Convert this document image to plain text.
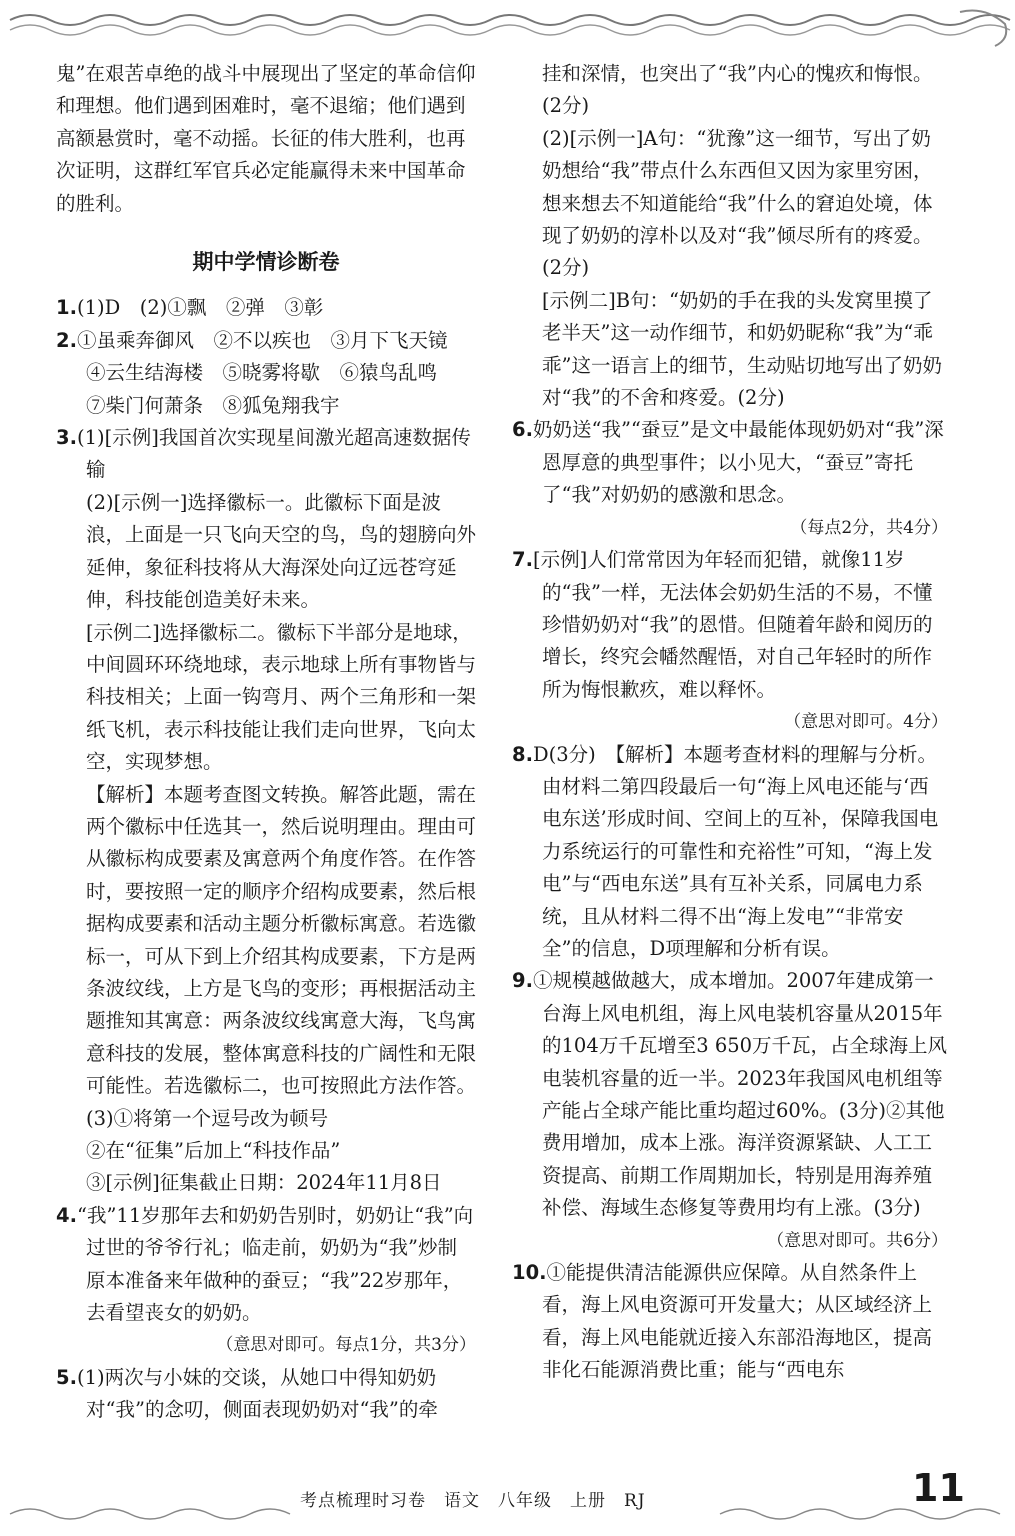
鬼”在艰苦卓绝的战斗中展现出了坚定的革命信仰和理想。他们遇到困难时，毫不退缩；他们遇到高额悬赏时，毫不动摇。长征的伟大胜利，也再次证明，这群红军官兵必定能赢得未来中国革命的胜利。

期中学情诊断卷

1.(1)D　(2)①飘　②弹　③彰

2.①虽乘奔御风　②不以疾也　③月下飞天镜

④云生结海楼　⑤晓雾将歇　⑥猿鸟乱鸣

⑦柴门何萧条　⑧狐兔翔我宇

3.(1)[示例]我国首次实现星间激光超高速数据传输

(2)[示例一]选择徽标一。此徽标下面是波浪，上面是一只飞向天空的鸟，鸟的翅膀向外延伸，象征科技将从大海深处向辽远苍穹延伸，科技能创造美好未来。

[示例二]选择徽标二。徽标下半部分是地球，中间圆环环绕地球，表示地球上所有事物皆与科技相关；上面一钩弯月、两个三角形和一架纸飞机，表示科技能让我们走向世界，飞向太空，实现梦想。

【解析】本题考查图文转换。解答此题，需在两个徽标中任选其一，然后说明理由。理由可从徽标构成要素及寓意两个角度作答。在作答时，要按照一定的顺序介绍构成要素，然后根据构成要素和活动主题分析徽标寓意。若选徽标一，可从下到上介绍其构成要素，下方是两条波纹线，上方是飞鸟的变形；再根据活动主题推知其寓意：两条波纹线寓意大海，飞鸟寓意科技的发展，整体寓意科技的广阔性和无限可能性。若选徽标二，也可按照此方法作答。

(3)①将第一个逗号改为顿号

②在“征集”后加上“科技作品”

③[示例]征集截止日期：2024年11月8日

4.“我”11岁那年去和奶奶告别时，奶奶让“我”向过世的爷爷行礼；临走前，奶奶为“我”炒制原本准备来年做种的蚕豆；“我”22岁那年，去看望丧女的奶奶。

（意思对即可。每点1分，共3分）

5.(1)两次与小妹的交谈，从她口中得知奶奶对“我”的念叨，侧面表现奶奶对“我”的牵

挂和深情，也突出了“我”内心的愧疚和悔恨。(2分)

(2)[示例一]A句：“犹豫”这一细节，写出了奶奶想给“我”带点什么东西但又因为家里穷困，想来想去不知道能给“我”什么的窘迫处境，体现了奶奶的淳朴以及对“我”倾尽所有的疼爱。(2分)

[示例二]B句：“奶奶的手在我的头发窝里摸了老半天”这一动作细节，和奶奶昵称“我”为“乖乖”这一语言上的细节，生动贴切地写出了奶奶对“我”的不舍和疼爱。(2分)

6.奶奶送“我”“蚕豆”是文中最能体现奶奶对“我”深恩厚意的典型事件；以小见大，“蚕豆”寄托了“我”对奶奶的感激和思念。

（每点2分，共4分）

7.[示例]人们常常因为年轻而犯错，就像11岁的“我”一样，无法体会奶奶生活的不易，不懂珍惜奶奶对“我”的恩惜。但随着年龄和阅历的增长，终究会幡然醒悟，对自己年轻时的所作所为悔恨歉疚，难以释怀。

（意思对即可。4分）

8.D(3分)　【解析】本题考查材料的理解与分析。由材料二第四段最后一句“海上风电还能与‘西电东送’形成时间、空间上的互补，保障我国电力系统运行的可靠性和充裕性”可知，“海上发电”与“西电东送”具有互补关系，同属电力系统，且从材料二得不出“海上发电”“非常安全”的信息，D项理解和分析有误。

9.①规模越做越大，成本增加。2007年建成第一台海上风电机组，海上风电装机容量从2015年的104万千瓦增至3 650万千瓦，占全球海上风电装机容量的近一半。2023年我国风电机组等产能占全球产能比重均超过60%。(3分)②其他费用增加，成本上涨。海洋资源紧缺、人工工资提高、前期工作周期加长，特别是用海养殖补偿、海域生态修复等费用均有上涨。(3分)

（意思对即可。共6分）

10.①能提供清洁能源供应保障。从自然条件上看，海上风电资源可开发量大；从区域经济上看，海上风电能就近接入东部沿海地区，提高非化石能源消费比重；能与“西电东

考点梳理时习卷　语文　八年级　上册　RJ	11
